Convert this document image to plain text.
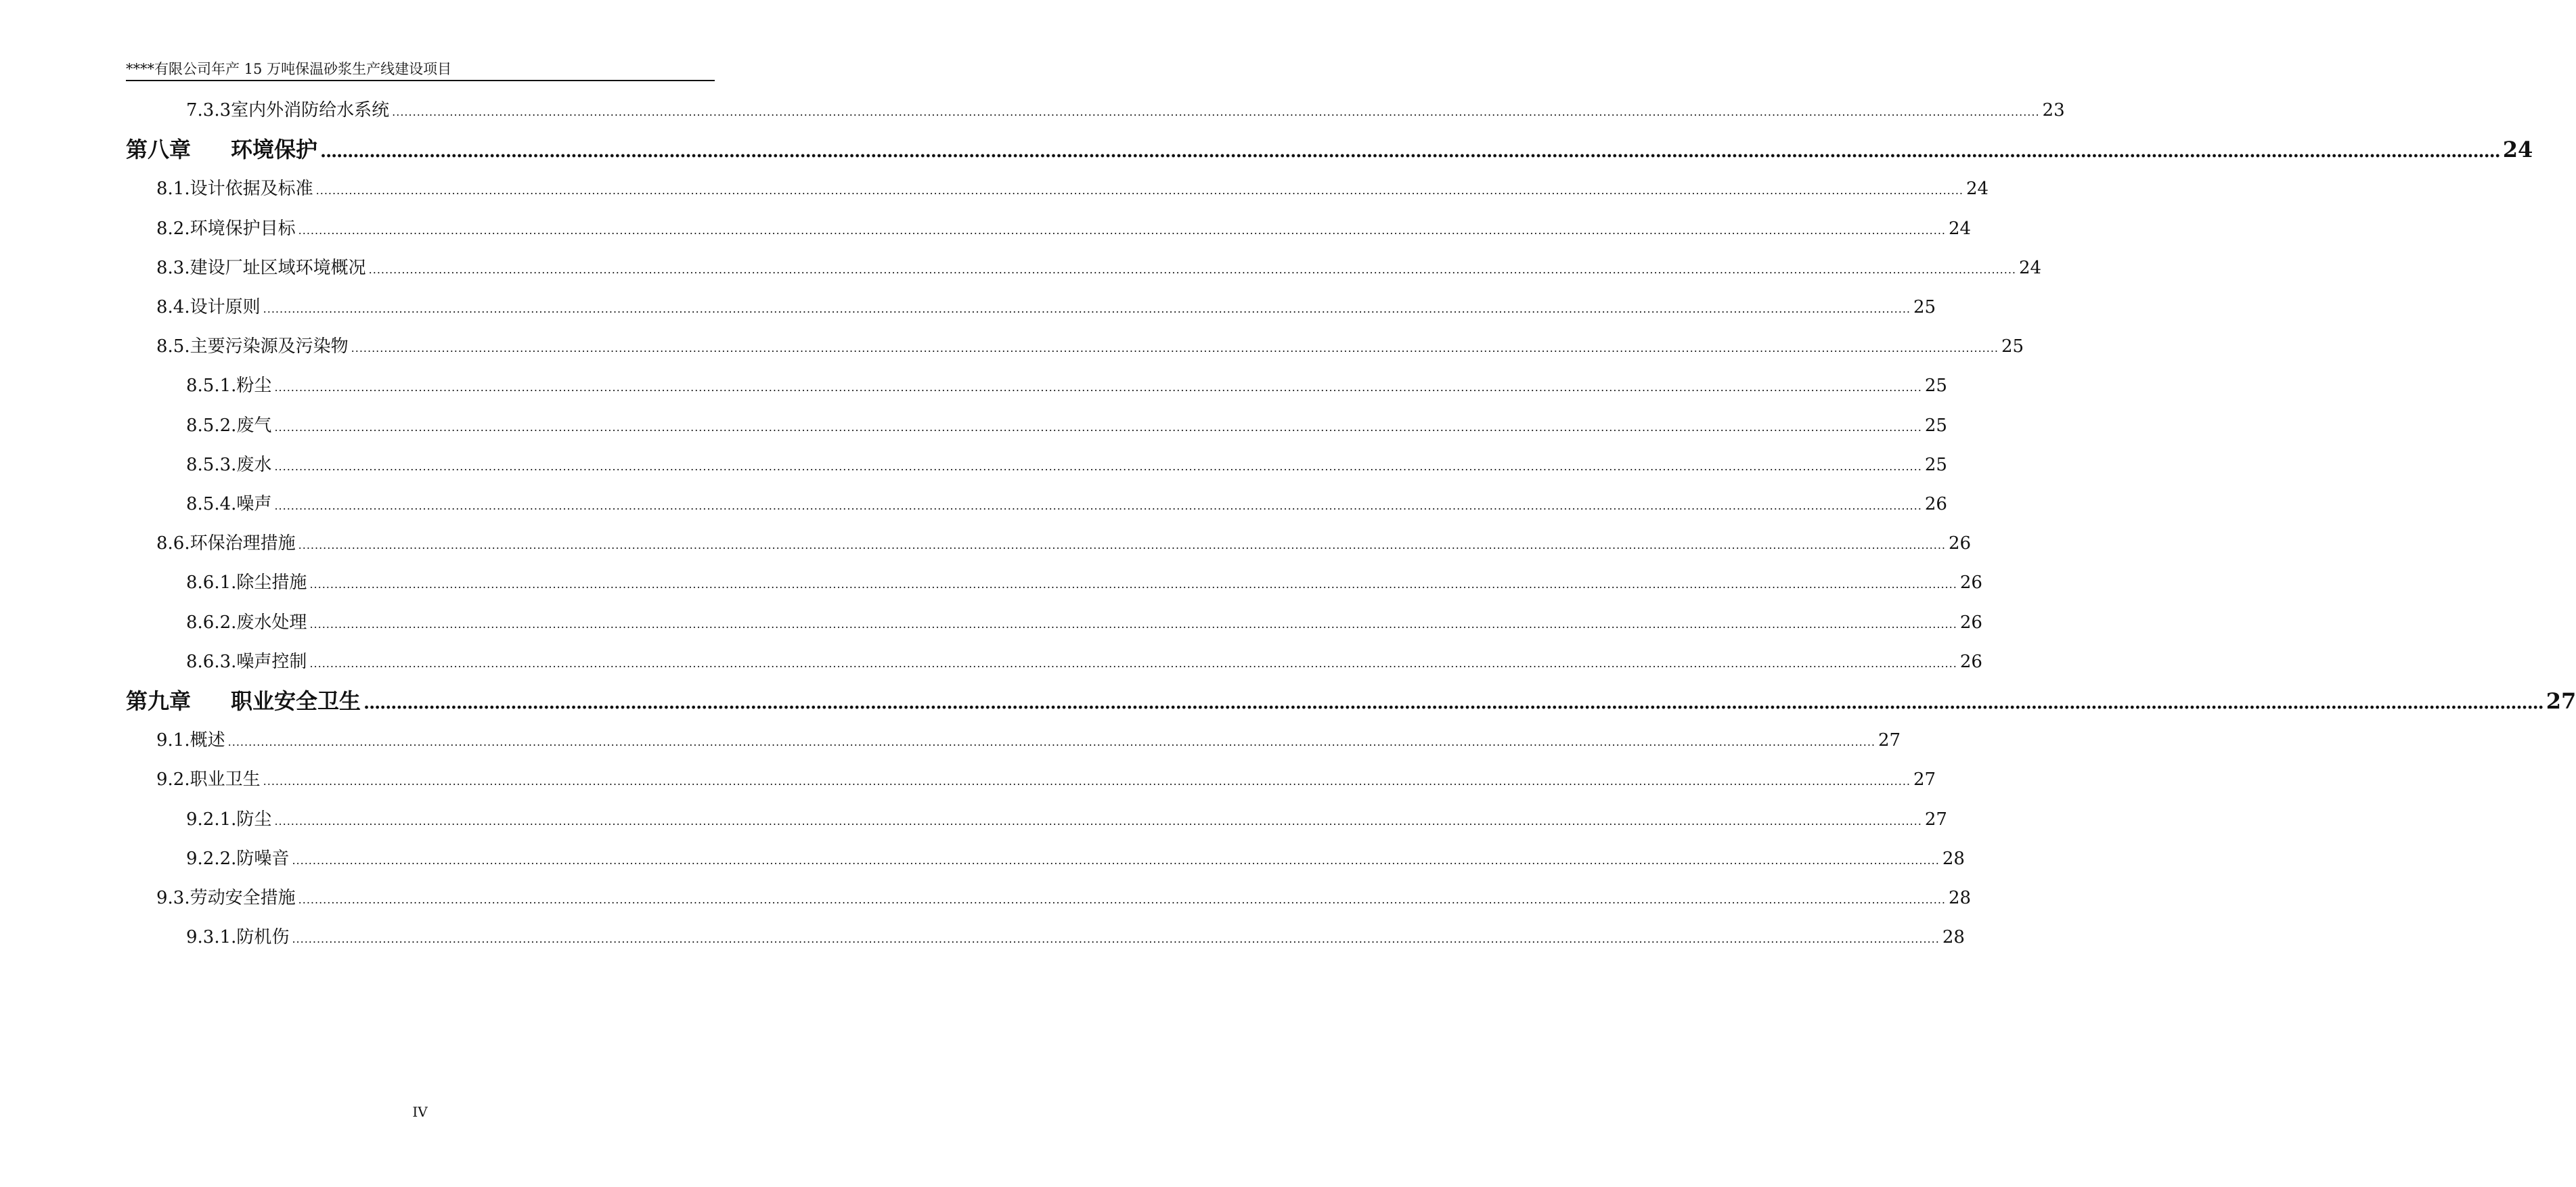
****有限公司年产 15 万吨保温砂浆生产线建设项目
7.3.3 室内外消防给水系统 ................................................................................................................................................................................................................................................................................................................................................................................................................ 23
第八章	环境保护 ................................................................................................................................................................................................................................................................................................................................................................................................................ 24
8.1. 设计依据及标准 ................................................................................................................................................................................................................................................................................................................................................................................................................ 24
8.2. 环境保护目标 ................................................................................................................................................................................................................................................................................................................................................................................................................ 24
8.3. 建设厂址区域环境概况 ................................................................................................................................................................................................................................................................................................................................................................................................................ 24
8.4. 设计原则 ................................................................................................................................................................................................................................................................................................................................................................................................................ 25
8.5. 主要污染源及污染物 ................................................................................................................................................................................................................................................................................................................................................................................................................ 25
8.5.1. 粉尘 ................................................................................................................................................................................................................................................................................................................................................................................................................ 25
8.5.2. 废气 ................................................................................................................................................................................................................................................................................................................................................................................................................ 25
8.5.3. 废水 ................................................................................................................................................................................................................................................................................................................................................................................................................ 25
8.5.4. 噪声 ................................................................................................................................................................................................................................................................................................................................................................................................................ 26
8.6. 环保治理措施 ................................................................................................................................................................................................................................................................................................................................................................................................................ 26
8.6.1. 除尘措施 ................................................................................................................................................................................................................................................................................................................................................................................................................ 26
8.6.2. 废水处理 ................................................................................................................................................................................................................................................................................................................................................................................................................ 26
8.6.3. 噪声控制 ................................................................................................................................................................................................................................................................................................................................................................................................................ 26
第九章	职业安全卫生 ................................................................................................................................................................................................................................................................................................................................................................................................................ 27
9.1. 概述 ................................................................................................................................................................................................................................................................................................................................................................................................................ 27
9.2. 职业卫生 ................................................................................................................................................................................................................................................................................................................................................................................................................ 27
9.2.1. 防尘 ................................................................................................................................................................................................................................................................................................................................................................................................................ 27
9.2.2. 防噪音 ................................................................................................................................................................................................................................................................................................................................................................................................................ 28
9.3. 劳动安全措施 ................................................................................................................................................................................................................................................................................................................................................................................................................ 28
9.3.1. 防机伤 ................................................................................................................................................................................................................................................................................................................................................................................................................ 28
IV
